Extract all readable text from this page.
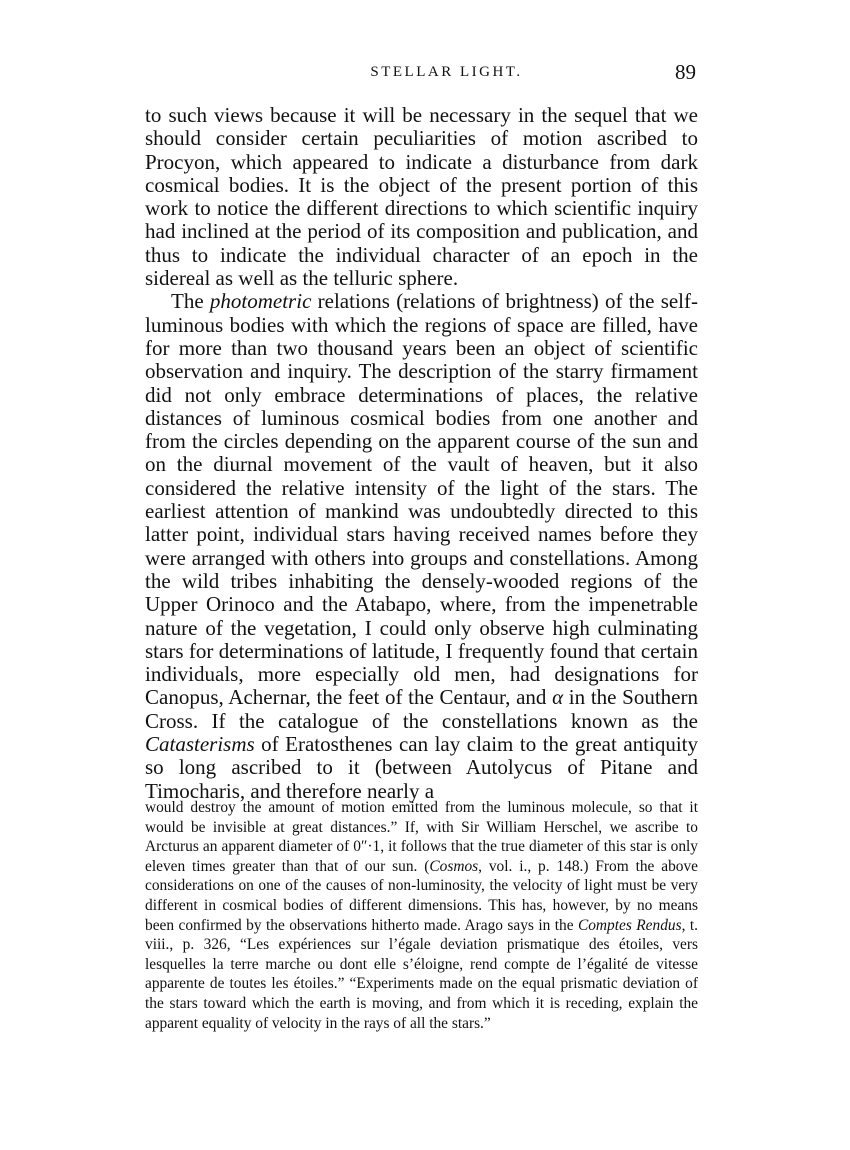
STELLAR LIGHT.	89

to such views because it will be necessary in the sequel that we should consider certain peculiarities of motion ascribed to Procyon, which appeared to indicate a disturbance from dark cosmical bodies. It is the object of the present portion of this work to notice the different directions to which scientific inquiry had inclined at the period of its composition and publication, and thus to indicate the individual character of an epoch in the sidereal as well as the telluric sphere.

The photometric relations (relations of brightness) of the self-luminous bodies with which the regions of space are filled, have for more than two thousand years been an object of scientific observation and inquiry. The description of the starry firmament did not only embrace determinations of places, the relative distances of luminous cosmical bodies from one another and from the circles depending on the apparent course of the sun and on the diurnal movement of the vault of heaven, but it also considered the relative intensity of the light of the stars. The earliest attention of mankind was undoubtedly directed to this latter point, individual stars having received names before they were arranged with others into groups and constellations. Among the wild tribes inhabiting the densely-wooded regions of the Upper Orinoco and the Atabapo, where, from the impenetrable nature of the vegetation, I could only observe high culminating stars for determinations of latitude, I frequently found that certain individuals, more especially old men, had designations for Canopus, Achernar, the feet of the Centaur, and α in the Southern Cross. If the catalogue of the constellations known as the Catasterisms of Eratosthenes can lay claim to the great antiquity so long ascribed to it (between Autolycus of Pitane and Timocharis, and therefore nearly a

would destroy the amount of motion emitted from the luminous molecule, so that it would be invisible at great distances.” If, with Sir William Herschel, we ascribe to Arcturus an apparent diameter of 0″·1, it follows that the true diameter of this star is only eleven times greater than that of our sun. (Cosmos, vol. i., p. 148.) From the above considerations on one of the causes of non-luminosity, the velocity of light must be very different in cosmical bodies of different dimensions. This has, however, by no means been confirmed by the observations hitherto made. Arago says in the Comptes Rendus, t. viii., p. 326, “Les expériences sur l’égale deviation prismatique des étoiles, vers lesquelles la terre marche ou dont elle s’éloigne, rend compte de l’égalité de vitesse apparente de toutes les étoiles.” “Experiments made on the equal prismatic deviation of the stars toward which the earth is moving, and from which it is receding, explain the apparent equality of velocity in the rays of all the stars.”
